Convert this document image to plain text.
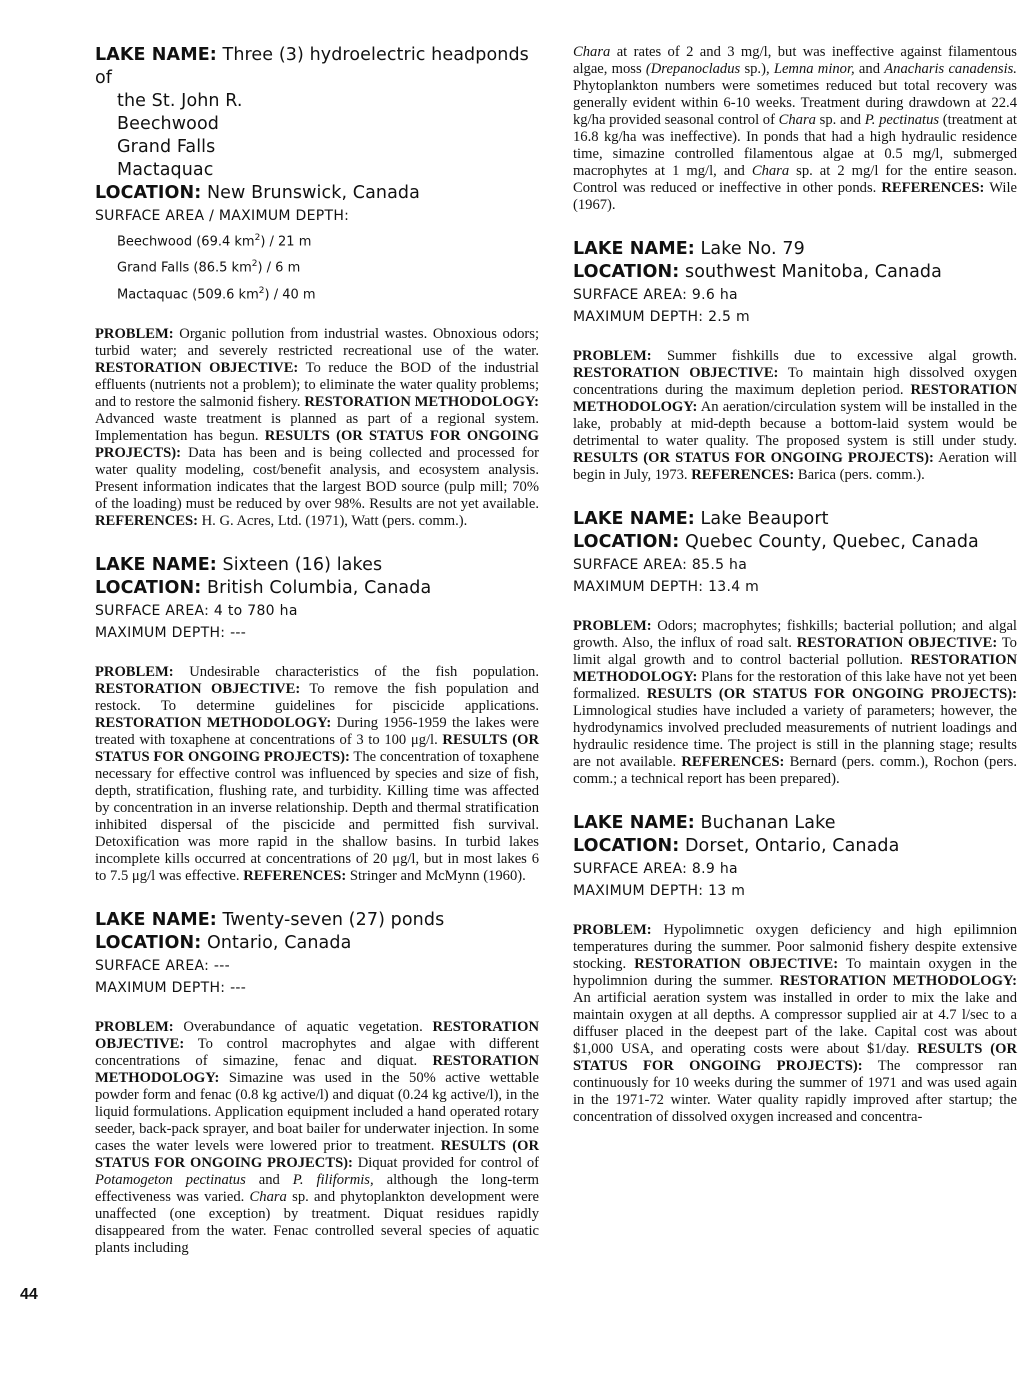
44
LAKE NAME: Three (3) hydroelectric headponds of
the St. John R.
Beechwood
Grand Falls
Mactaquac
LOCATION: New Brunswick, Canada
SURFACE AREA / MAXIMUM DEPTH:
Beechwood (69.4 $km^2) / 21$ m
Grand Falls (86.5 $km^2) / 6$ m
Mactaquac (509.6 $km^2) / 40$ m

PROBLEM: Organic pollution from industrial wastes. Obnoxious odors; turbid water; and severely restricted recreational use of the water. RESTORATION OBJECTIVE: To reduce the BOD of the industrial effluents (nutrients not a problem); to eliminate the water quality problems; and to restore the salmonid fishery. RESTORATION METHODOLOGY: Advanced waste treatment is planned as part of a regional system. Implementation has begun. RESULTS (OR STATUS FOR ONGOING PROJECTS): Data has been and is being collected and processed for water quality modeling, cost/benefit analysis, and ecosystem analysis. Present information indicates that the largest BOD source (pulp mill; 70% of the loading) must be reduced by over 98%. Results are not yet available. REFERENCES: H. G. Acres, Ltd. (1971), Watt (pers. comm.).

LAKE NAME: Sixteen (16) lakes
LOCATION: British Columbia, Canada
SURFACE AREA: 4 to 780 ha
MAXIMUM DEPTH: ---

PROBLEM: Undesirable characteristics of the fish population. RESTORATION OBJECTIVE: To remove the fish population and restock. To determine guidelines for piscicide applications. RESTORATION METHODOLOGY: During 1956-1959 the lakes were treated with toxaphene at concentrations of 3 to 100 μg/l. RESULTS (OR STATUS FOR ONGOING PROJECTS): The concentration of toxaphene necessary for effective control was influenced by species and size of fish, depth, stratification, flushing rate, and turbidity. Killing time was affected by concentration in an inverse relationship. Depth and thermal stratification inhibited dispersal of the piscicide and permitted fish survival. Detoxification was more rapid in the shallow basins. In turbid lakes incomplete kills occurred at concentrations of 20 μg/l, but in most lakes 6 to 7.5 μg/l was effective. REFERENCES: Stringer and McMynn (1960).

LAKE NAME: Twenty-seven (27) ponds
LOCATION: Ontario, Canada
SURFACE AREA: ---
MAXIMUM DEPTH: ---

PROBLEM: Overabundance of aquatic vegetation. RESTORATION OBJECTIVE: To control macrophytes and algae with different concentrations of simazine, fenac and diquat. RESTORATION METHODOLOGY: Simazine was used in the 50% active wettable powder form and fenac (0.8 kg active/l) and diquat (0.24 kg active/l), in the liquid formulations. Application equipment included a hand operated rotary seeder, back-pack sprayer, and boat bailer for underwater injection. In some cases the water levels were lowered prior to treatment. RESULTS (OR STATUS FOR ONGOING PROJECTS): Diquat provided for control of Potamogeton pectinatus and P. filiformis, although the long-term effectiveness was varied. Chara sp. and phytoplankton development were unaffected (one exception) by treatment. Diquat residues rapidly disappeared from the water. Fenac controlled several species of aquatic plants including

Chara at rates of 2 and 3 mg/l, but was ineffective against filamentous algae, moss (Drepanocladus sp.), Lemna minor, and Anacharis canadensis. Phytoplankton numbers were sometimes reduced but total recovery was generally evident within 6-10 weeks. Treatment during drawdown at 22.4 kg/ha provided seasonal control of Chara sp. and P. pectinatus (treatment at 16.8 kg/ha was ineffective). In ponds that had a high hydraulic residence time, simazine controlled filamentous algae at 0.5 mg/l, submerged macrophytes at 1 mg/l, and Chara sp. at 2 mg/l for the entire season. Control was reduced or ineffective in other ponds. REFERENCES: Wile (1967).

LAKE NAME: Lake No. 79
LOCATION: southwest Manitoba, Canada
SURFACE AREA: 9.6 ha
MAXIMUM DEPTH: 2.5 m

PROBLEM: Summer fishkills due to excessive algal growth. RESTORATION OBJECTIVE: To maintain high dissolved oxygen concentrations during the maximum depletion period. RESTORATION METHODOLOGY: An aeration/circulation system will be installed in the lake, probably at mid-depth because a bottom-laid system would be detrimental to water quality. The proposed system is still under study. RESULTS (OR STATUS FOR ONGOING PROJECTS): Aeration will begin in July, 1973. REFERENCES: Barica (pers. comm.).

LAKE NAME: Lake Beauport
LOCATION: Quebec County, Quebec, Canada
SURFACE AREA: 85.5 ha
MAXIMUM DEPTH: 13.4 m

PROBLEM: Odors; macrophytes; fishkills; bacterial pollution; and algal growth. Also, the influx of road salt. RESTORATION OBJECTIVE: To limit algal growth and to control bacterial pollution. RESTORATION METHODOLOGY: Plans for the restoration of this lake have not yet been formalized. RESULTS (OR STATUS FOR ONGOING PROJECTS): Limnological studies have included a variety of parameters; however, the hydrodynamics involved precluded measurements of nutrient loadings and hydraulic residence time. The project is still in the planning stage; results are not available. REFERENCES: Bernard (pers. comm.), Rochon (pers. comm.; a technical report has been prepared).

LAKE NAME: Buchanan Lake
LOCATION: Dorset, Ontario, Canada
SURFACE AREA: 8.9 ha
MAXIMUM DEPTH: 13 m

PROBLEM: Hypolimnetic oxygen deficiency and high epilimnion temperatures during the summer. Poor salmonid fishery despite extensive stocking. RESTORATION OBJECTIVE: To maintain oxygen in the hypolimnion during the summer. RESTORATION METHODOLOGY: An artificial aeration system was installed in order to mix the lake and maintain oxygen at all depths. A compressor supplied air at 4.7 l/sec to a diffuser placed in the deepest part of the lake. Capital cost was about $1,000 USA, and operating costs were about $1/day. RESULTS (OR STATUS FOR ONGOING PROJECTS): The compressor ran continuously for 10 weeks during the summer of 1971 and was used again in the 1971-72 winter. Water quality rapidly improved after startup; the concentration of dissolved oxygen increased and concentra-
